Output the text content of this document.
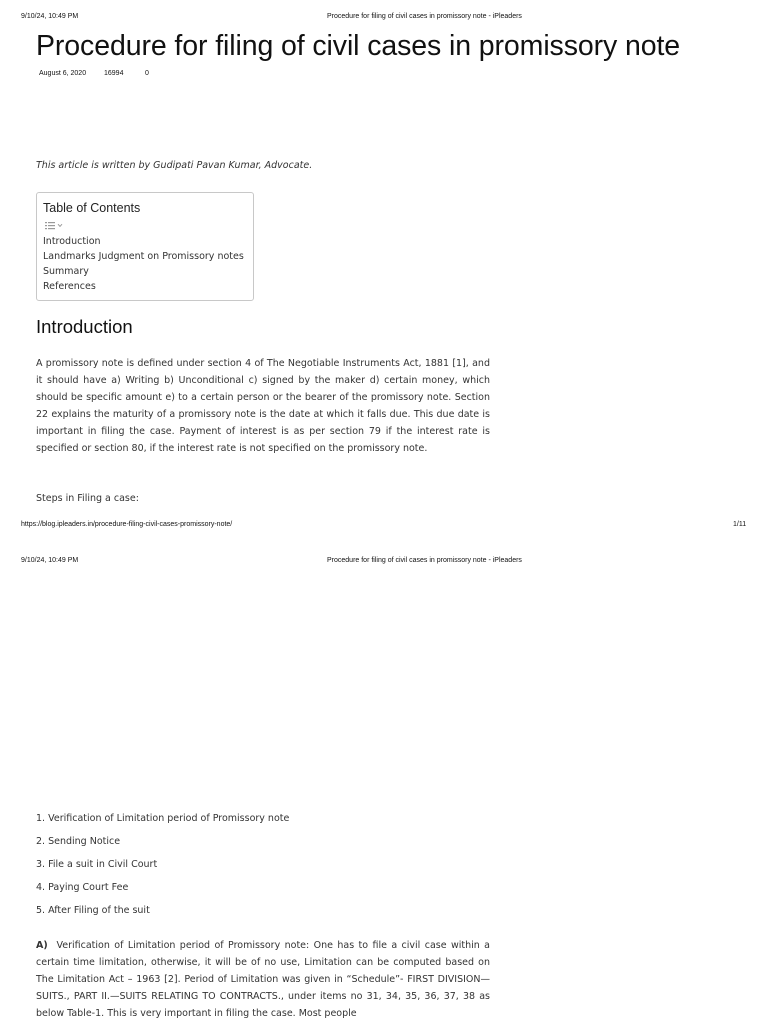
9/10/24, 10:49 PM	Procedure for filing of civil cases in promissory note - iPleaders
Procedure for filing of civil cases in promissory note
August 6, 2020	16994	0
This article is written by Gudipati Pavan Kumar, Advocate.
Table of Contents
Introduction
Landmarks Judgment on Promissory notes
Summary
References
Introduction

A promissory note is defined under section 4 of The Negotiable Instruments Act, 1881 [1], and it should have a) Writing b) Unconditional c) signed by the maker d) certain money, which should be specific amount e) to a certain person or the bearer of the promissory note. Section 22 explains the maturity of a promissory note is the date at which it falls due. This due date is important in filing the case. Payment of interest is as per section 79 if the interest rate is specified or section 80, if the interest rate is not specified on the promissory note.

Steps in Filing a case:
https://blog.ipleaders.in/procedure-filing-civil-cases-promissory-note/	1/11
9/10/24, 10:49 PM	Procedure for filing of civil cases in promissory note - iPleaders
1. Verification of Limitation period of Promissory note
2. Sending Notice
3. File a suit in Civil Court
4. Paying Court Fee
5. After Filing of the suit

A) Verification of Limitation period of Promissory note: One has to file a civil case within a certain time limitation, otherwise, it will be of no use, Limitation can be computed based on The Limitation Act – 1963 [2]. Period of Limitation was given in “Schedule”- FIRST DIVISION—SUITS., PART II.—SUITS RELATING TO CONTRACTS., under items no 31, 34, 35, 36, 37, 38 as below Table-1. This is very important in filing the case. Most people
